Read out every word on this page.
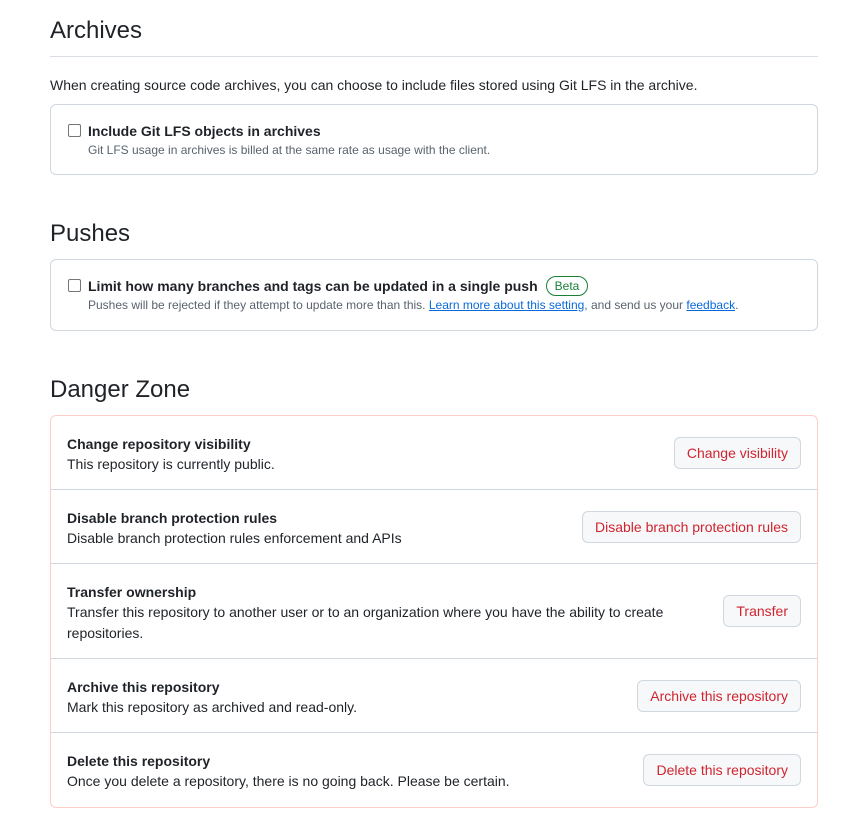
Archives

When creating source code archives, you can choose to include files stored using Git LFS in the archive.

Include Git LFS objects in archives
Git LFS usage in archives is billed at the same rate as usage with the client.
Pushes
Limit how many branches and tags can be updated in a single push Beta
Pushes will be rejected if they attempt to update more than this. Learn more about this setting, and send us your feedback.
Danger Zone
Change repository visibility
This repository is currently public.
Change visibility
Disable branch protection rules
Disable branch protection rules enforcement and APIs
Disable branch protection rules
Transfer ownership
Transfer this repository to another user or to an organization where you have the ability to create repositories.
Transfer
Archive this repository
Mark this repository as archived and read-only.
Archive this repository
Delete this repository
Once you delete a repository, there is no going back. Please be certain.
Delete this repository
